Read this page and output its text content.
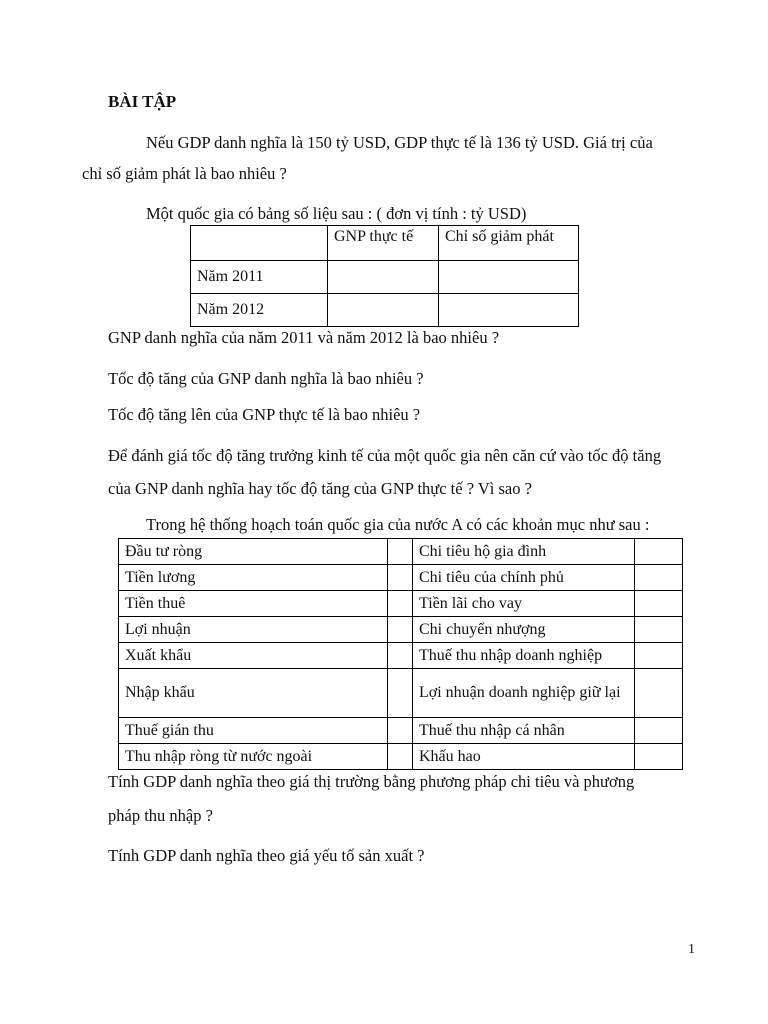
BÀI TẬP
Nếu GDP danh nghĩa là 150 tỷ USD, GDP thực tế là 136 tỷ USD. Giá trị của
chỉ số giảm phát là bao nhiêu ?
Một quốc gia có bảng số liệu sau : ( đơn vị tính : tỷ USD)
	GNP thực tế	Chỉ số giảm phát
Năm 2011		
Năm 2012		
GNP danh nghĩa của năm 2011 và năm 2012 là bao nhiêu ?
Tốc độ tăng của GNP danh nghĩa là bao nhiêu ?
Tốc độ tăng lên của GNP thực tế là bao nhiêu ?
Để đánh giá tốc độ tăng trưởng kinh tế của một quốc gia nên căn cứ vào tốc độ tăng
của GNP danh nghĩa hay tốc độ tăng của GNP thực tế ? Vì sao ?
Trong hệ thống hoạch toán quốc gia của nước A có các khoản mục như sau :
Đầu tư ròng		Chi tiêu hộ gia đình	
Tiền lương		Chi tiêu của chính phủ	
Tiền thuê		Tiền lãi cho vay	
Lợi nhuận		Chi chuyển nhượng	
Xuất khẩu		Thuế thu nhập doanh nghiệp	
Nhập khẩu		Lợi nhuận doanh nghiệp giữ lại	
Thuế gián thu		Thuế thu nhập cá nhân	
Thu nhập ròng từ nước ngoài		Khấu hao	
Tính GDP danh nghĩa theo giá thị trường bằng phương pháp chi tiêu và phương
pháp thu nhập ?
Tính GDP danh nghĩa theo giá yếu tố sản xuất ?
1
